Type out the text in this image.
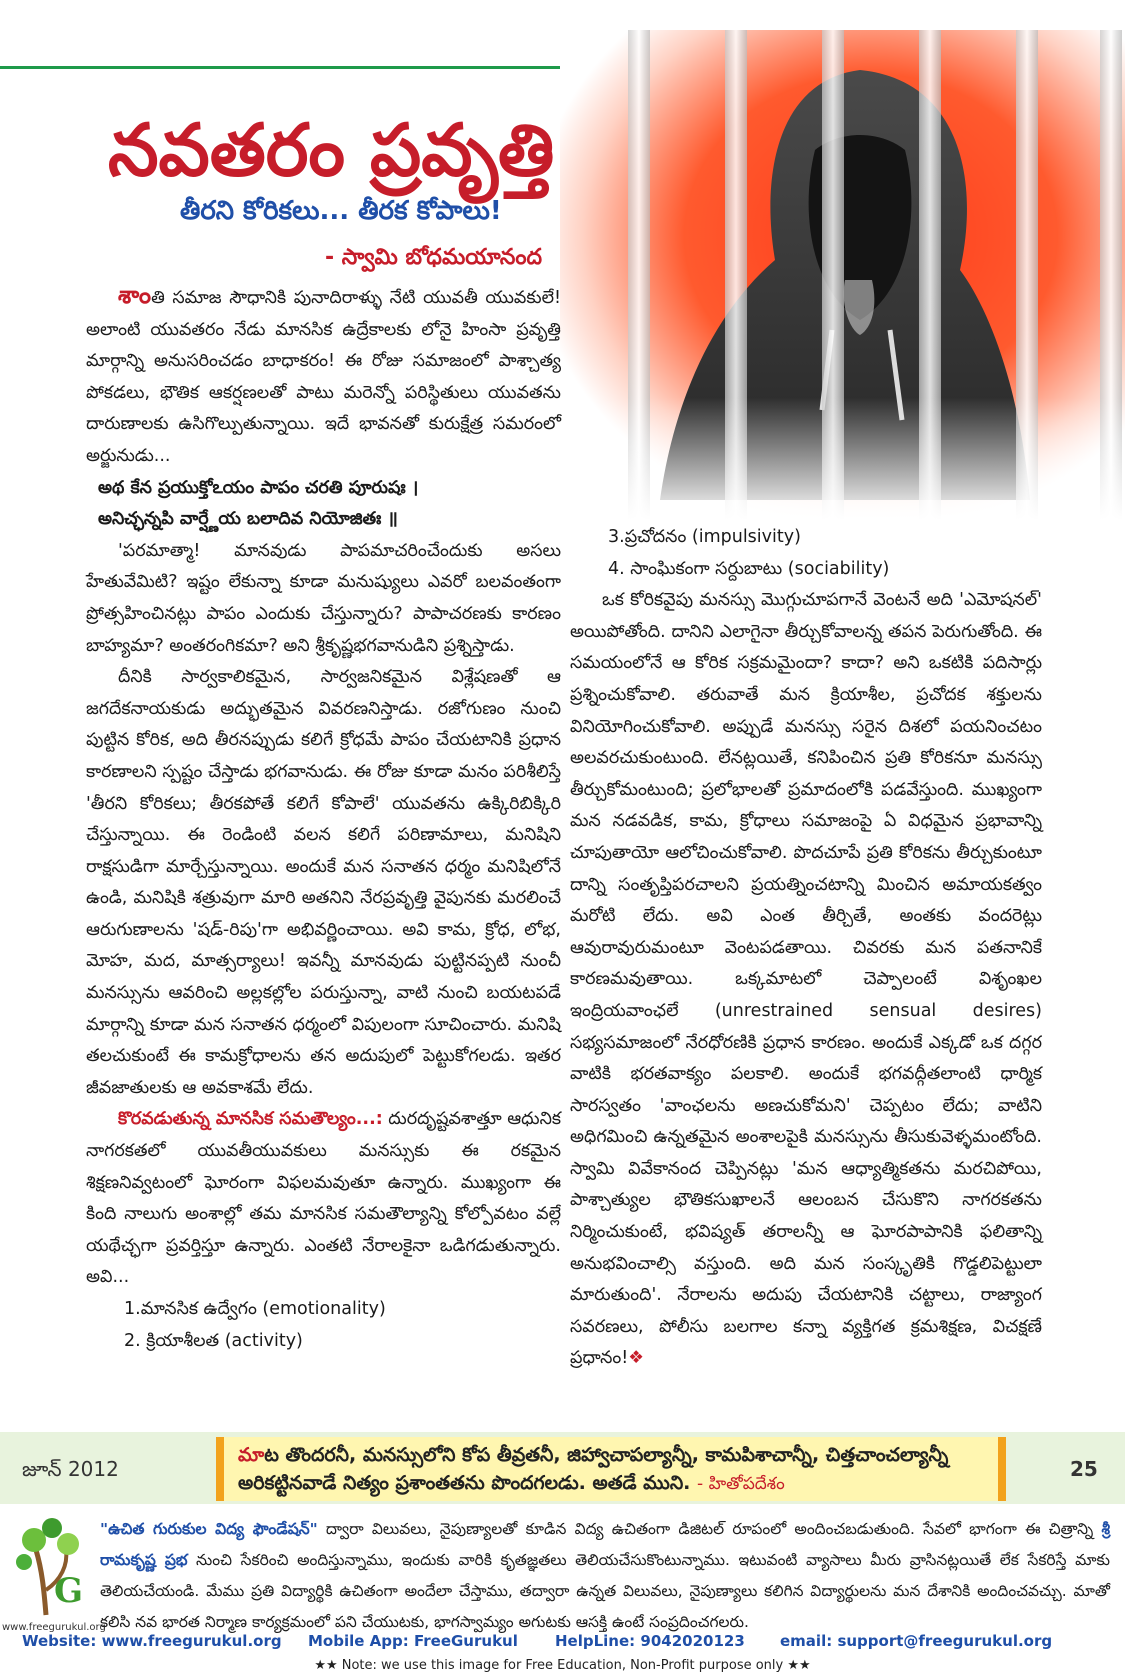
నవతరం ప్రవృత్తి
తీరని కోరికలు... తీరక కోపాలు!
- స్వామి బోధమయానంద

శాంతి సమాజ సౌధానికి పునాదిరాళ్ళు నేటి యువతీ యువకులే! అలాంటి యువతరం నేడు మానసిక ఉద్రేకాలకు లోనై హింసా ప్రవృత్తి మార్గాన్ని అనుసరించడం బాధాకరం! ఈ రోజు సమాజంలో పాశ్చాత్య పోకడలు, భౌతిక ఆకర్షణలతో పాటు మరెన్నో పరిస్థితులు యువతను దారుణాలకు ఉసిగొల్పుతున్నాయి. ఇదే భావనతో కురుక్షేత్ర సమరంలో అర్జునుడు...

అథ కేన ప్రయుక్తోఽయం పాపం చరతి పూరుషః ।

అనిచ్ఛన్నపి వార్ష్ణేయ బలాదివ నియోజితః ॥

'పరమాత్మా! మానవుడు పాపమాచరించేందుకు అసలు హేతువేమిటి? ఇష్టం లేకున్నా కూడా మనుష్యులు ఎవరో బలవంతంగా ప్రోత్సహించినట్లు పాపం ఎందుకు చేస్తున్నారు? పాపాచరణకు కారణం బాహ్యమా? అంతరంగికమా? అని శ్రీకృష్ణభగవానుడిని ప్రశ్నిస్తాడు.

దీనికి సార్వకాలికమైన, సార్వజనికమైన విశ్లేషణతో ఆ జగదేకనాయకుడు అద్భుతమైన వివరణనిస్తాడు. రజోగుణం నుంచి పుట్టిన కోరిక, అది తీరనప్పుడు కలిగే క్రోధమే పాపం చేయటానికి ప్రధాన కారణాలని స్పష్టం చేస్తాడు భగవానుడు. ఈ రోజు కూడా మనం పరిశీలిస్తే 'తీరని కోరికలు; తీరకపోతే కలిగే కోపాలే' యువతను ఉక్కిరిబిక్కిరి చేస్తున్నాయి. ఈ రెండింటి వలన కలిగే పరిణామాలు, మనిషిని రాక్షసుడిగా మార్చేస్తున్నాయి. అందుకే మన సనాతన ధర్మం మనిషిలోనే ఉండి, మనిషికి శత్రువుగా మారి అతనిని నేరప్రవృత్తి వైపునకు మరలించే ఆరుగుణాలను 'షడ్-రిపు'గా అభివర్ణించాయి. అవి కామ, క్రోధ, లోభ, మోహ, మద, మాత్సర్యాలు! ఇవన్నీ మానవుడు పుట్టినప్పటి నుంచీ మనస్సును ఆవరించి అల్లకల్లోల పరుస్తున్నా, వాటి నుంచి బయటపడే మార్గాన్ని కూడా మన సనాతన ధర్మంలో విపులంగా సూచించారు. మనిషి తలచుకుంటే ఈ కామక్రోధాలను తన అదుపులో పెట్టుకోగలడు. ఇతర జీవజాతులకు ఆ అవకాశమే లేదు.

కొరవడుతున్న మానసిక సమతౌల్యం...: దురదృష్టవశాత్తూ ఆధునిక నాగరకతలో యువతీయువకులు మనస్సుకు ఈ రకమైన శిక్షణనివ్వటంలో ఘోరంగా విఫలమవుతూ ఉన్నారు. ముఖ్యంగా ఈ కింది నాలుగు అంశాల్లో తమ మానసిక సమతౌల్యాన్ని కోల్పోవటం వల్లే యథేచ్ఛగా ప్రవర్తిస్తూ ఉన్నారు. ఎంతటి నేరాలకైనా ఒడిగడుతున్నారు. అవి...

1.మానసిక ఉద్వేగం (emotionality)

2. క్రియాశీలత (activity)

3.ప్రచోదనం (impulsivity)

4. సాంఘికంగా సర్దుబాటు (sociability)

ఒక కోరికవైపు మనస్సు మొగ్గుచూపగానే వెంటనే అది 'ఎమోషనల్' అయిపోతోంది. దానిని ఎలాగైనా తీర్చుకోవాలన్న తపన పెరుగుతోంది. ఈ సమయంలోనే ఆ కోరిక సక్రమమైందా? కాదా? అని ఒకటికి పదిసార్లు ప్రశ్నించుకోవాలి. తరువాతే మన క్రియాశీల, ప్రచోదక శక్తులను వినియోగించుకోవాలి. అప్పుడే మనస్సు సరైన దిశలో పయనించటం అలవరచుకుంటుంది. లేనట్లయితే, కనిపించిన ప్రతి కోరికనూ మనస్సు తీర్చుకోమంటుంది; ప్రలోభాలతో ప్రమాదంలోకి పడవేస్తుంది. ముఖ్యంగా మన నడవడిక, కామ, క్రోధాలు సమాజంపై ఏ విధమైన ప్రభావాన్ని చూపుతాయో ఆలోచించుకోవాలి. పొదచూపే ప్రతి కోరికను తీర్చుకుంటూ దాన్ని సంతృప్తిపరచాలని ప్రయత్నించటాన్ని మించిన అమాయకత్వం మరోటి లేదు. అవి ఎంత తీర్చితే, అంతకు వందరెట్లు ఆవురావురుమంటూ వెంటపడతాయి. చివరకు మన పతనానికే కారణమవుతాయి. ఒక్కమాటలో చెప్పాలంటే విశృంఖల ఇంద్రియవాంఛలే (unrestrained sensual desires) సభ్యసమాజంలో నేరధోరణికి ప్రధాన కారణం. అందుకే ఎక్కడో ఒక దగ్గర వాటికి భరతవాక్యం పలకాలి. అందుకే భగవద్గీతలాంటి ధార్మిక సారస్వతం 'వాంఛలను అణచుకోమని' చెప్పటం లేదు; వాటిని అధిగమించి ఉన్నతమైన అంశాలపైకి మనస్సును తీసుకువెళ్ళమంటోంది. స్వామి వివేకానంద చెప్పినట్లు 'మన ఆధ్యాత్మికతను మరచిపోయి, పాశ్చాత్యుల భౌతికసుఖాలనే ఆలంబన చేసుకొని నాగరకతను నిర్మించుకుంటే, భవిష్యత్ తరాలన్నీ ఆ ఘోరపాపానికి ఫలితాన్ని అనుభవించాల్సి వస్తుంది. అది మన సంస్కృతికి గొడ్డలిపెట్టులా మారుతుంది'. నేరాలను అదుపు చేయటానికి చట్టాలు, రాజ్యాంగ సవరణలు, పోలీసు బలగాల కన్నా వ్యక్తిగత క్రమశిక్షణ, విచక్షణే ప్రధానం!❖

జూన్ 2012
మాట తొందరనీ, మనస్సులోని కోప తీవ్రతనీ, జిహ్వాచాపల్యాన్నీ, కామపిశాచాన్నీ, చిత్తచాంచల్యాన్నీ అరికట్టినవాడే నిత్యం ప్రశాంతతను పొందగలడు. అతడే ముని. - హితోపదేశం
25
G
www.freegurukul.org
"ఉచిత గురుకుల విద్య ఫౌండేషన్" ద్వారా విలువలు, నైపుణ్యాలతో కూడిన విద్య ఉచితంగా డిజిటల్ రూపంలో అందించబడుతుంది. సేవలో భాగంగా ఈ చిత్రాన్ని శ్రీ రామకృష్ణ ప్రభ నుంచి సేకరించి అందిస్తున్నాము, ఇందుకు వారికి కృతజ్ఞతలు తెలియచేసుకొంటున్నాము. ఇటువంటి వ్యాసాలు మీరు వ్రాసినట్లయితే లేక సేకరిస్తే మాకు తెలియచేయండి. మేము ప్రతి విద్యార్థికి ఉచితంగా అందేలా చేస్తాము, తద్వారా ఉన్నత విలువలు, నైపుణ్యాలు కలిగిన విద్యార్థులను మన దేశానికి అందించవచ్చు. మాతో కలిసి నవ భారత నిర్మాణ కార్యక్రమంలో పని చేయుటకు, భాగస్వామ్యం అగుటకు ఆసక్తి ఉంటే సంప్రదించగలరు.
Website: www.freegurukul.org Mobile App: FreeGurukul HelpLine: 9042020123 email: support@freegurukul.org
★★ Note: we use this image for Free Education, Non-Profit purpose only ★★
